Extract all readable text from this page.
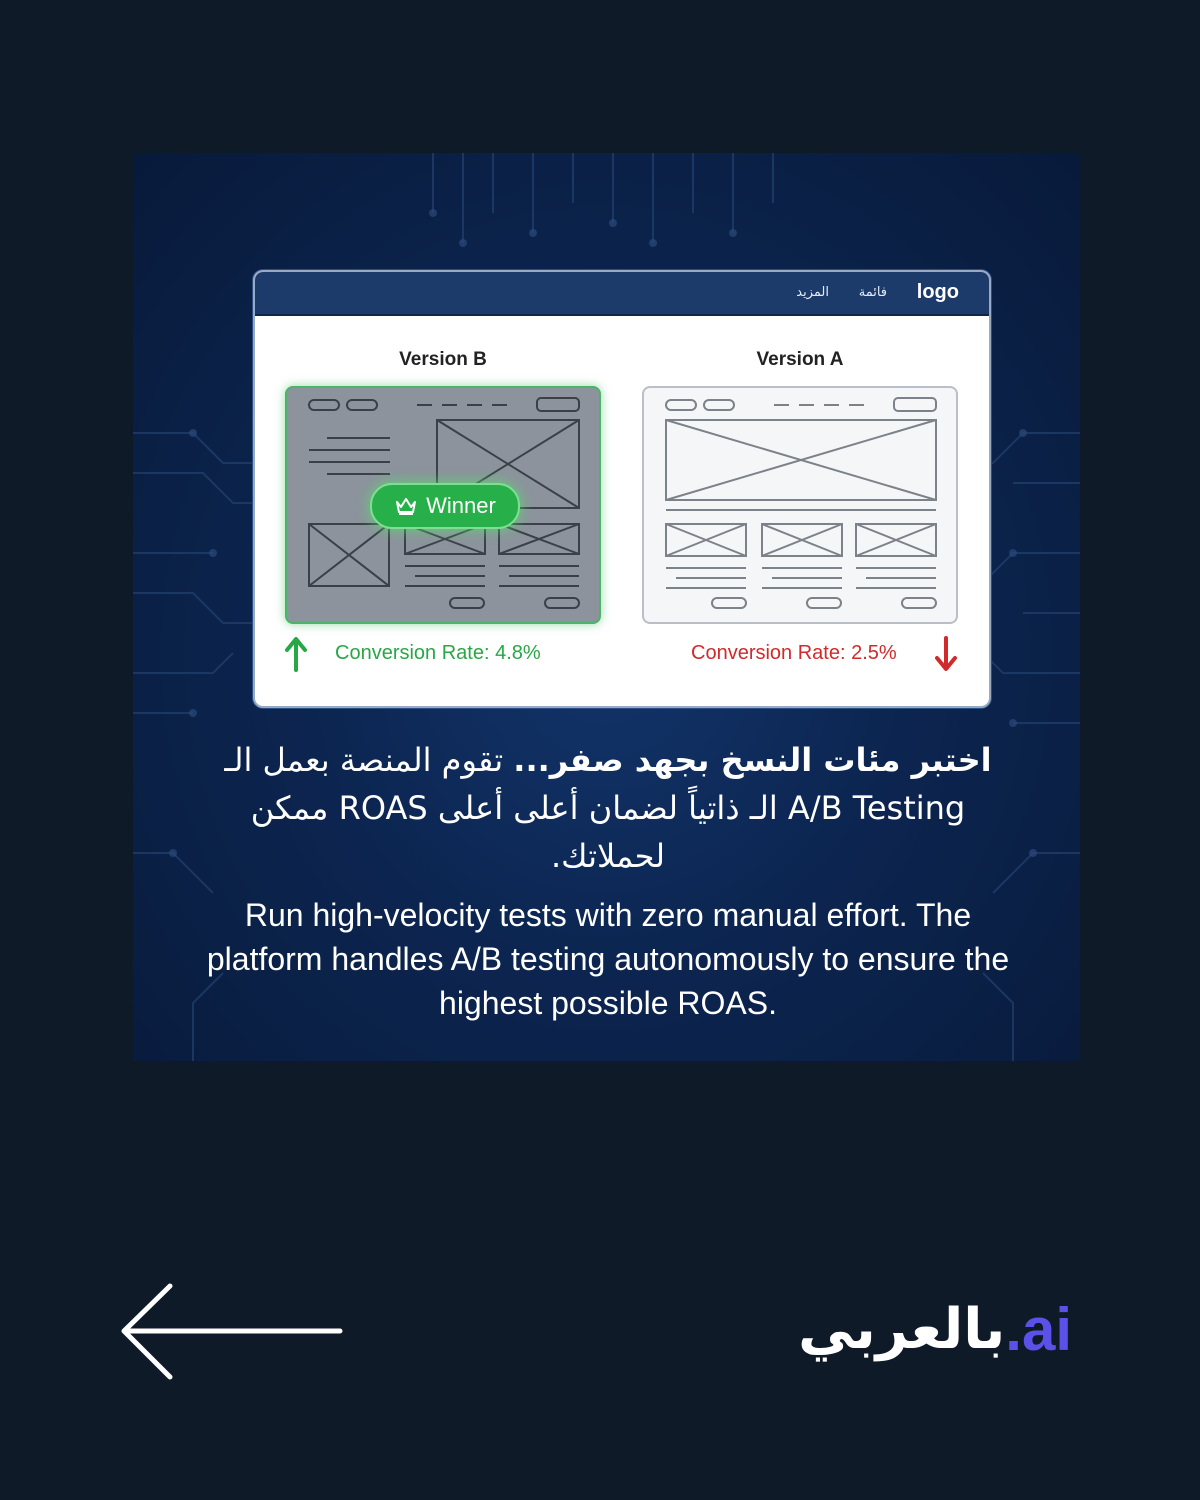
logo
فائمة
المزيد
Version B	Version A
Winner
Conversion Rate: 4.8%	Conversion Rate: 2.5%
اختبر مئات النسخ بجهد صفر... تقوم المنصة بعمل الـ A/B Testing الـ ذاتياً لضمان أعلى أعلى ROAS ممكن لحملاتك.
Run high-velocity tests with zero manual effort. The platform handles A/B testing autonomously to ensure the highest possible ROAS.
بالعربي .ai
